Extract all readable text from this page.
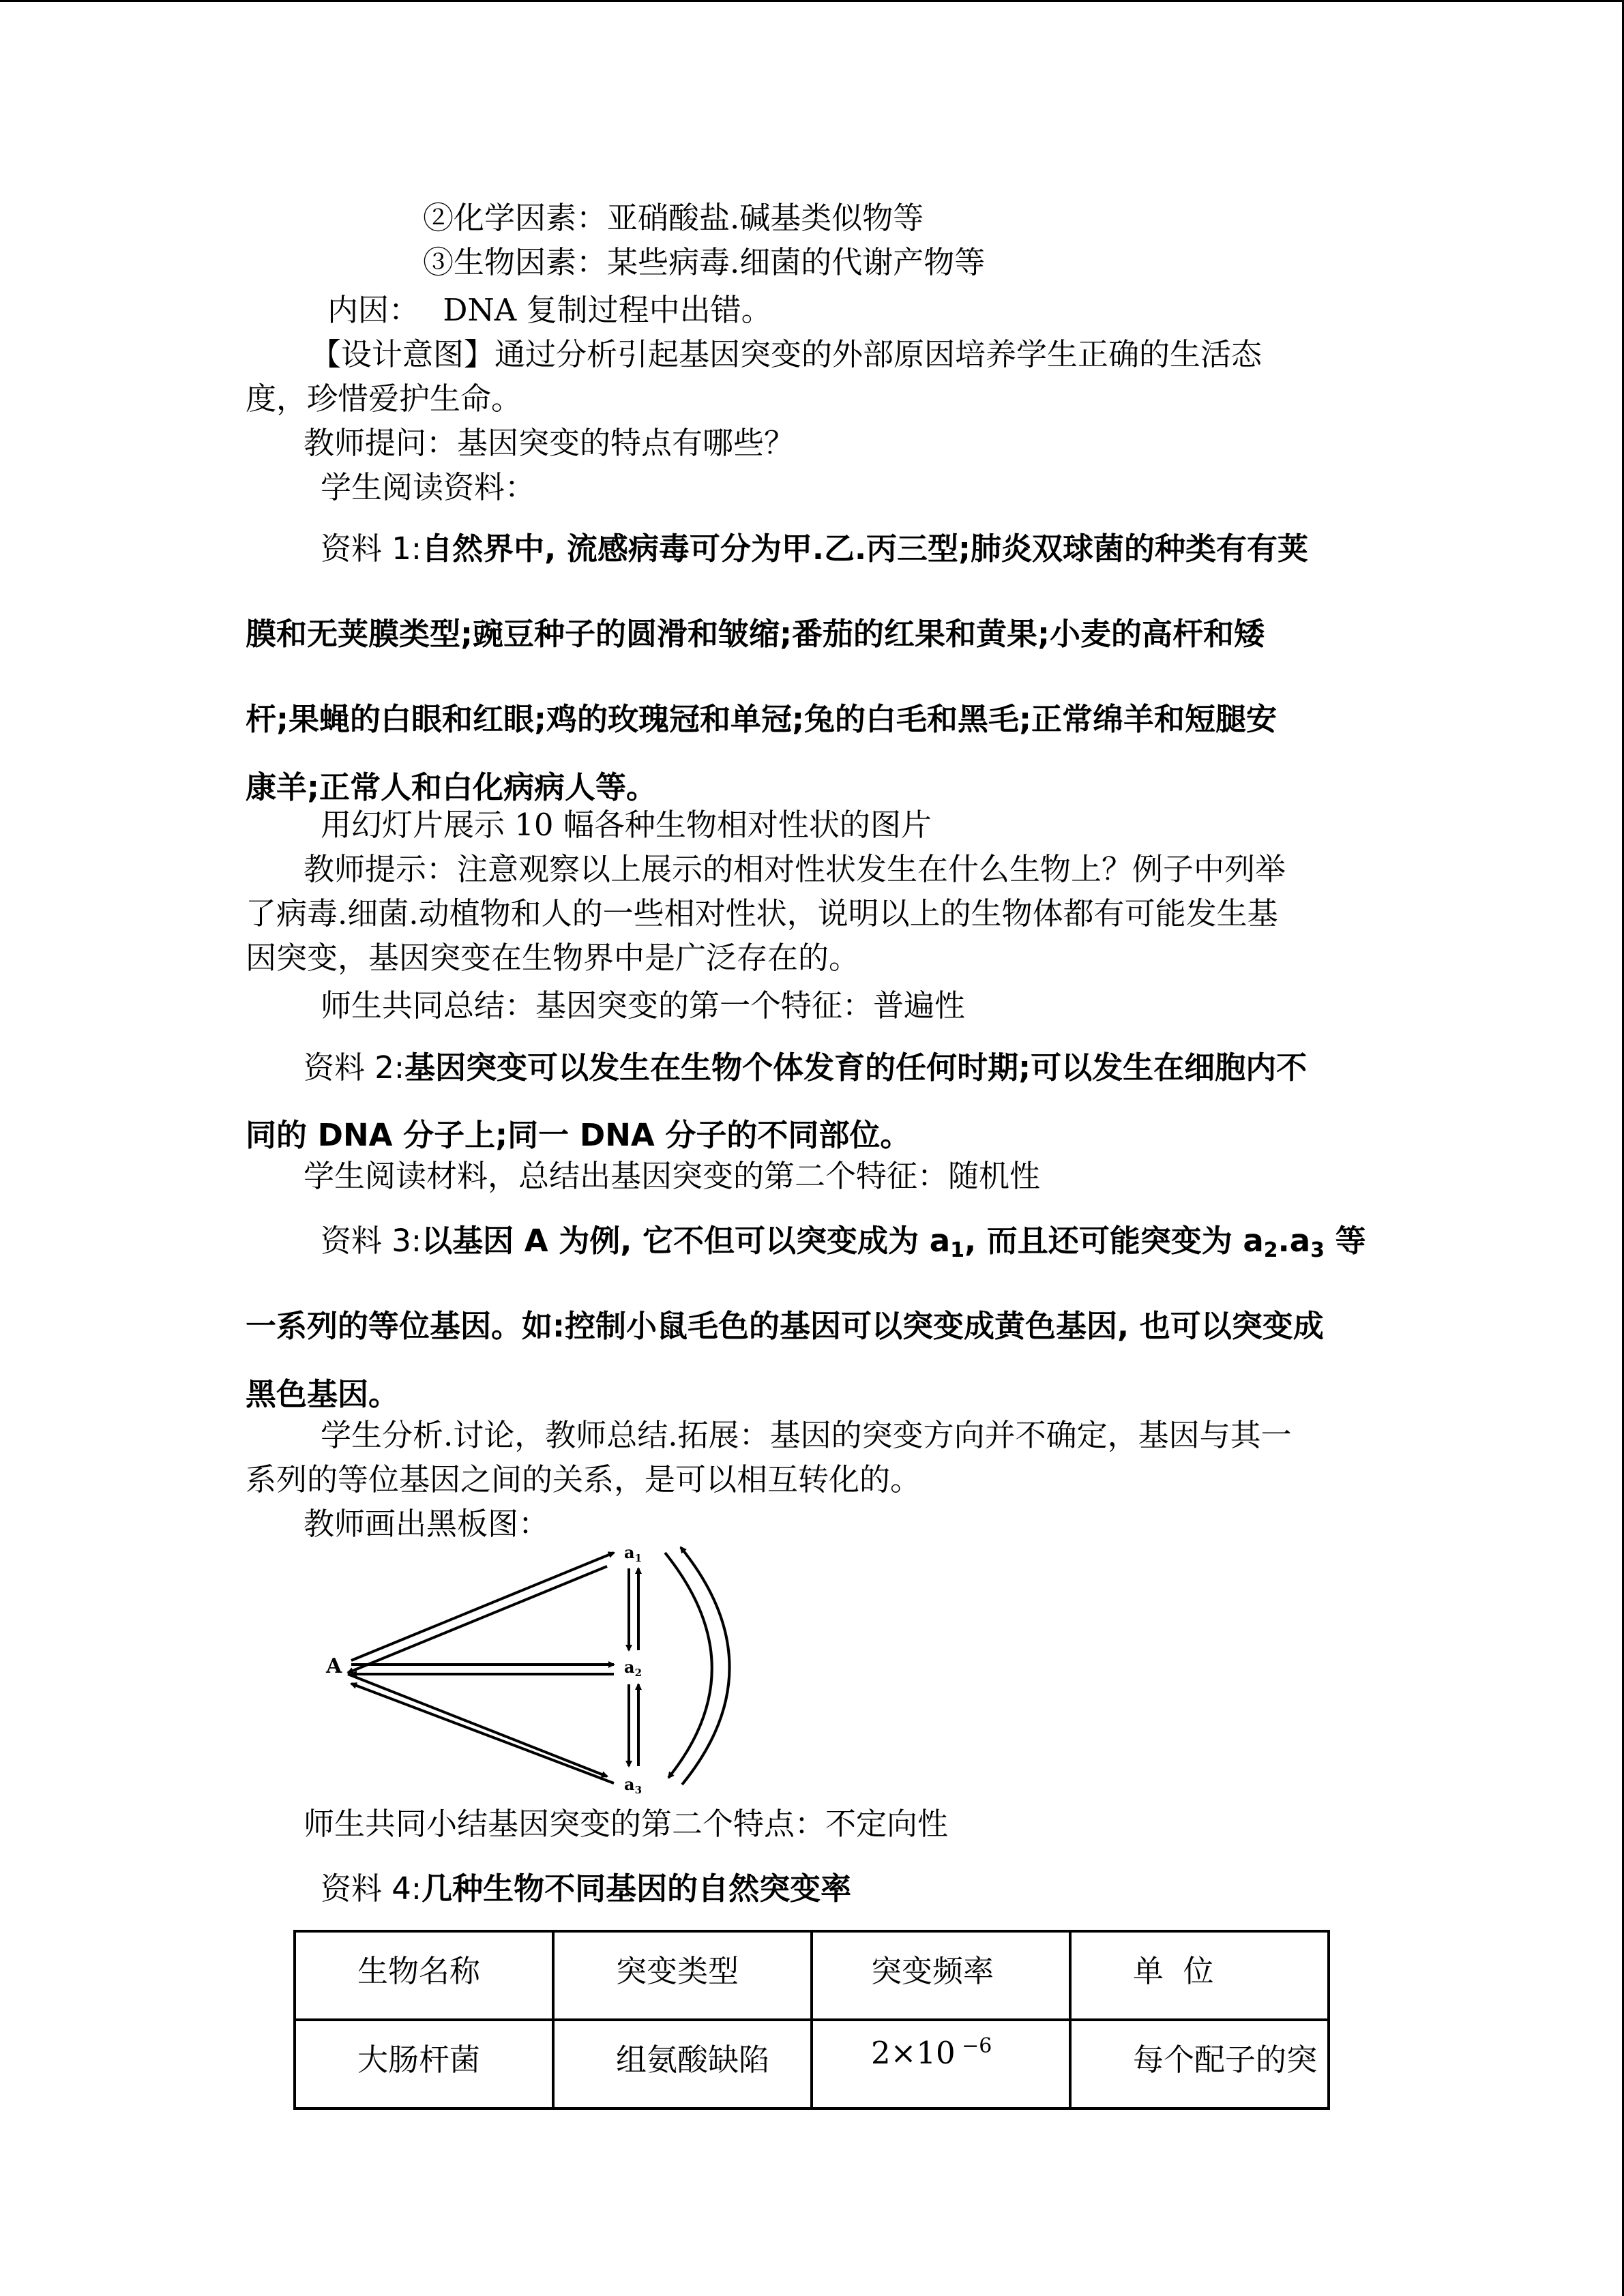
②化学因素：亚硝酸盐.碱基类似物等
③生物因素：某些病毒.细菌的代谢产物等
内因： DNA 复制过程中出错。
【设计意图】通过分析引起基因突变的外部原因培养学生正确的生活态
度，珍惜爱护生命。
教师提问：基因突变的特点有哪些？
学生阅读资料：
资料 1:自然界中, 流感病毒可分为甲.乙.丙三型;肺炎双球菌的种类有有荚
膜和无荚膜类型;豌豆种子的圆滑和皱缩;番茄的红果和黄果;小麦的高杆和矮
杆;果蝇的白眼和红眼;鸡的玫瑰冠和单冠;兔的白毛和黑毛;正常绵羊和短腿安
康羊;正常人和白化病病人等。
用幻灯片展示 10 幅各种生物相对性状的图片
教师提示：注意观察以上展示的相对性状发生在什么生物上？例子中列举
了病毒.细菌.动植物和人的一些相对性状，说明以上的生物体都有可能发生基
因突变，基因突变在生物界中是广泛存在的。
师生共同总结：基因突变的第一个特征：普遍性
资料 2:基因突变可以发生在生物个体发育的任何时期;可以发生在细胞内不
同的 DNA 分子上;同一 DNA 分子的不同部位。
学生阅读材料，总结出基因突变的第二个特征：随机性
资料 3:以基因 A 为例, 它不但可以突变成为 $a_1$, 而且还可能突变为 $a_2.a_3$ 等
一系列的等位基因。如:控制小鼠毛色的基因可以突变成黄色基因, 也可以突变成
黑色基因。
学生分析.讨论，教师总结.拓展：基因的突变方向并不确定，基因与其一
系列的等位基因之间的关系，是可以相互转化的。
教师画出黑板图：
A
$a_1$
$a_2$
$a_3$
师生共同小结基因突变的第二个特点：不定向性
资料 4:几种生物不同基因的自然突变率
生物名称	突变类型	突变频率	单  位
大肠杆菌	组氨酸缺陷	2×10 $^{-6}$	每个配子的突
